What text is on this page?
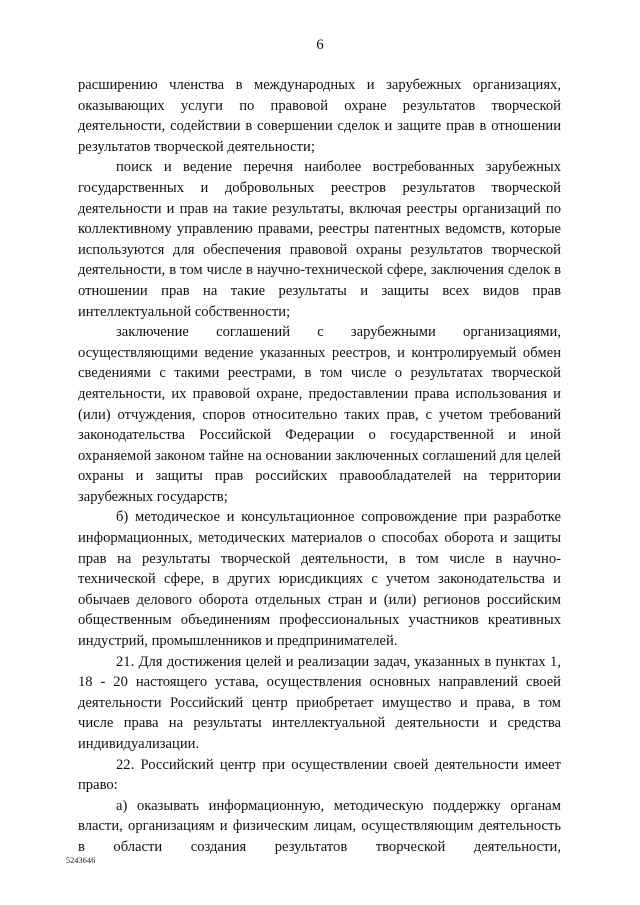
6

расширению членства в международных и зарубежных организациях, оказывающих услуги по правовой охране результатов творческой деятельности, содействии в совершении сделок и защите прав в отношении результатов творческой деятельности;

поиск и ведение перечня наиболее востребованных зарубежных государственных и добровольных реестров результатов творческой деятельности и прав на такие результаты, включая реестры организаций по коллективному управлению правами, реестры патентных ведомств, которые используются для обеспечения правовой охраны результатов творческой деятельности, в том числе в научно-технической сфере, заключения сделок в отношении прав на такие результаты и защиты всех видов прав интеллектуальной собственности;

заключение соглашений с зарубежными организациями, осуществляющими ведение указанных реестров, и контролируемый обмен сведениями с такими реестрами, в том числе о результатах творческой деятельности, их правовой охране, предоставлении права использования и (или) отчуждения, споров относительно таких прав, с учетом требований законодательства Российской Федерации о государственной и иной охраняемой законом тайне на основании заключенных соглашений для целей охраны и защиты прав российских правообладателей на территории зарубежных государств;

б) методическое и консультационное сопровождение при разработке информационных, методических материалов о способах оборота и защиты прав на результаты творческой деятельности, в том числе в научно-технической сфере, в других юрисдикциях с учетом законодательства и обычаев делового оборота отдельных стран и (или) регионов российским общественным объединениям профессиональных участников креативных индустрий, промышленников и предпринимателей.

21. Для достижения целей и реализации задач, указанных в пунктах 1, 18 - 20 настоящего устава, осуществления основных направлений своей деятельности Российский центр приобретает имущество и права, в том числе права на результаты интеллектуальной деятельности и средства индивидуализации.

22. Российский центр при осуществлении своей деятельности имеет право:

а) оказывать информационную, методическую поддержку органам власти, организациям и физическим лицам, осуществляющим деятельность в области создания результатов творческой деятельности,

5243646
